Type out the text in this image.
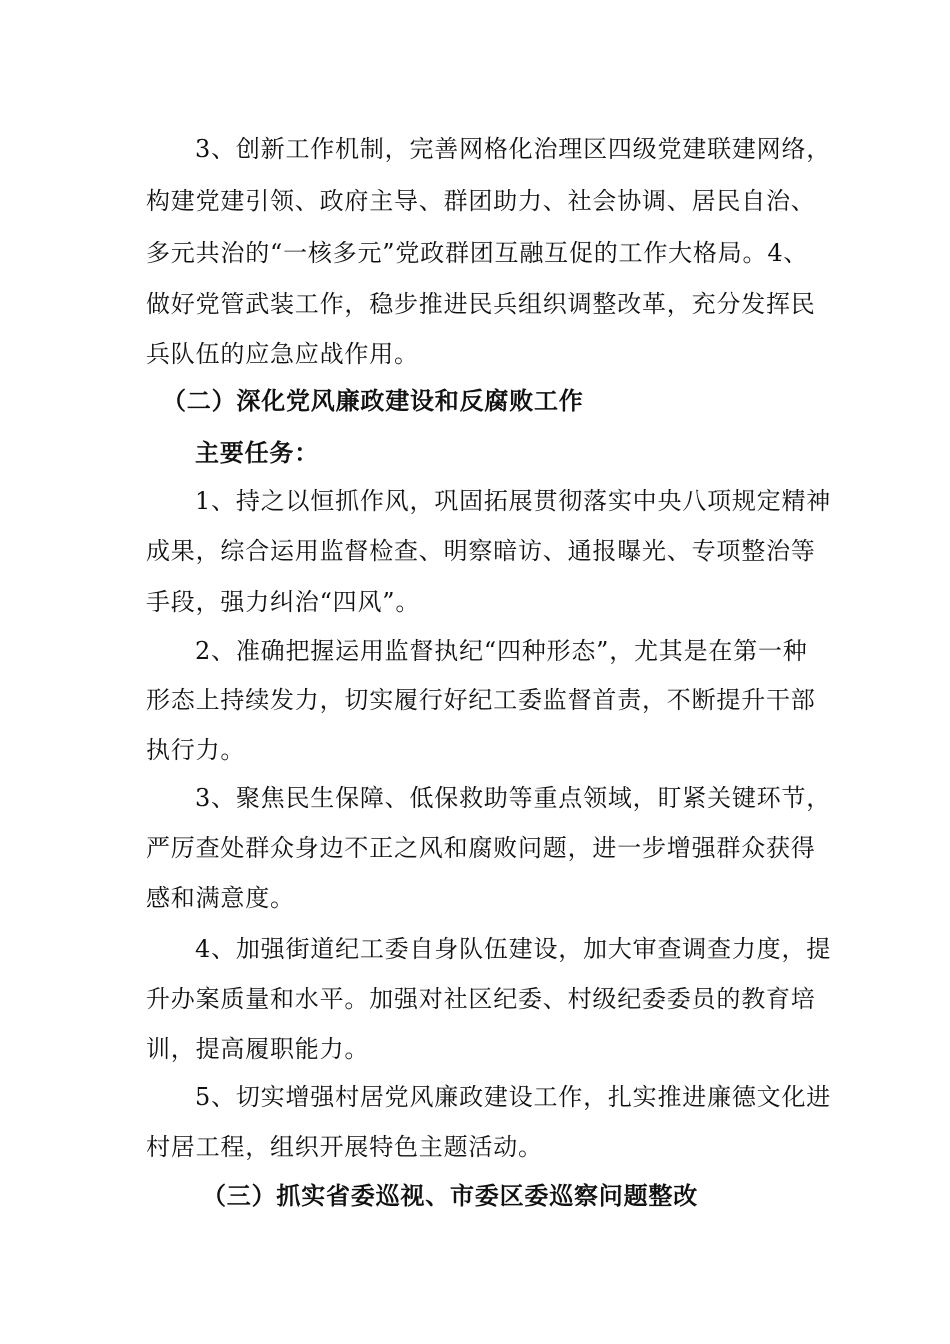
3、创新工作机制，完善网格化治理区四级党建联建网络，
构建党建引领、政府主导、群团助力、社会协调、居民自治、
多元共治的“一核多元”党政群团互融互促的工作大格局。4、
做好党管武装工作，稳步推进民兵组织调整改革，充分发挥民
兵队伍的应急应战作用。
（二）深化党风廉政建设和反腐败工作
主要任务：
1、持之以恒抓作风，巩固拓展贯彻落实中央八项规定精神
成果，综合运用监督检查、明察暗访、通报曝光、专项整治等
手段，强力纠治“四风”。
2、准确把握运用监督执纪“四种形态”，尤其是在第一种
形态上持续发力，切实履行好纪工委监督首责，不断提升干部
执行力。
3、聚焦民生保障、低保救助等重点领域，盯紧关键环节，
严厉查处群众身边不正之风和腐败问题，进一步增强群众获得
感和满意度。
4、加强街道纪工委自身队伍建设，加大审查调查力度，提
升办案质量和水平。加强对社区纪委、村级纪委委员的教育培
训，提高履职能力。
5、切实增强村居党风廉政建设工作，扎实推进廉德文化进
村居工程，组织开展特色主题活动。
（三）抓实省委巡视、市委区委巡察问题整改
